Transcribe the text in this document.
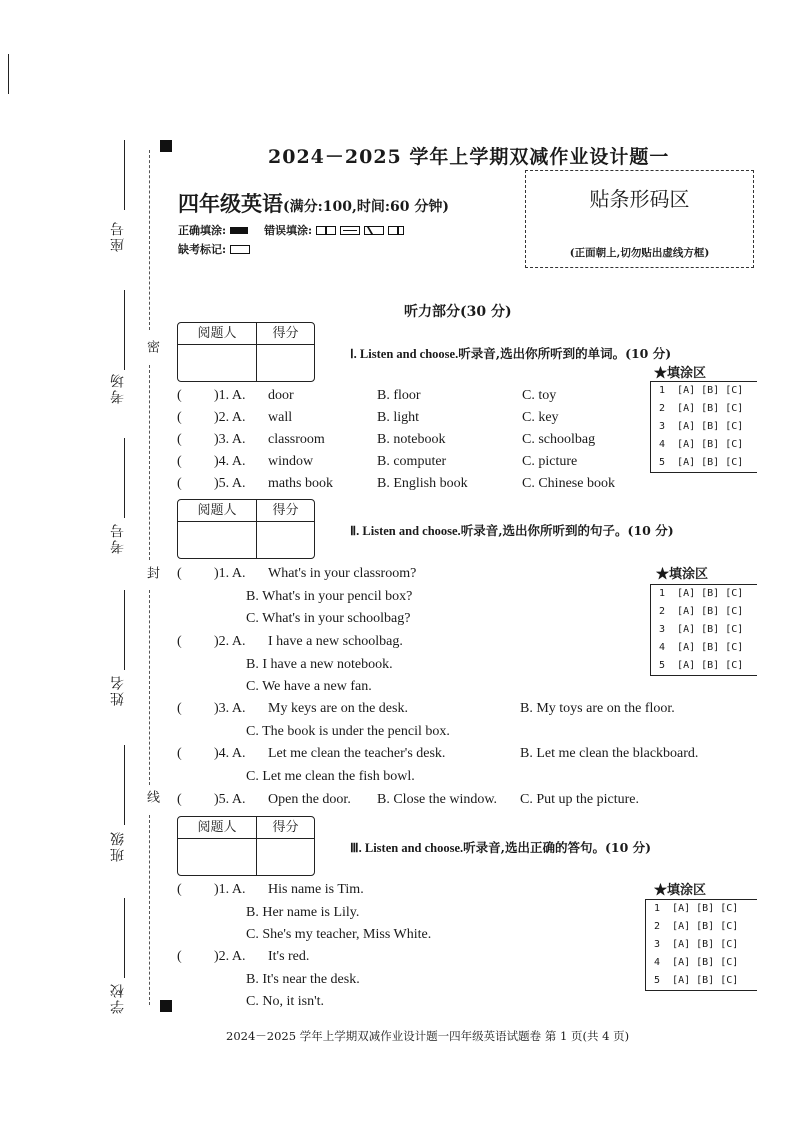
座号
考场
考号
姓名
班级
学校
密
封
线
2024－2025 学年上学期双减作业设计题一
四年级英语(满分:100,时间:60 分钟)
正确填涂:	错误填涂:
缺考标记:
贴条形码区
(正面朝上,切勿贴出虚线方框)
听力部分(30 分)
阅题人	得分
Ⅰ. Listen and choose.听录音,选出你所听到的单词。(10 分)
★填涂区
1  [A] [B] [C]
2  [A] [B] [C]
3  [A] [B] [C]
4  [A] [B] [C]
5  [A] [B] [C]
( )1. A. door	B. floor	C. toy
( )2. A. wall	B. light	C. key
( )3. A. classroom	B. notebook	C. schoolbag
( )4. A. window	B. computer	C. picture
( )5. A. maths book	B. English book	C. Chinese book
阅题人	得分
Ⅱ. Listen and choose.听录音,选出你所听到的句子。(10 分)
★填涂区
1  [A] [B] [C]
2  [A] [B] [C]
3  [A] [B] [C]
4  [A] [B] [C]
5  [A] [B] [C]
( )1. A. What's in your classroom?
B. What's in your pencil box?
C. What's in your schoolbag?
( )2. A. I have a new schoolbag.
B. I have a new notebook.
C. We have a new fan.
( )3. A. My keys are on the desk.	B. My toys are on the floor.
C. The book is under the pencil box.
( )4. A. Let me clean the teacher's desk.	B. Let me clean the blackboard.
C. Let me clean the fish bowl.
( )5. A. Open the door. B. Close the window. C. Put up the picture.
阅题人	得分
Ⅲ. Listen and choose.听录音,选出正确的答句。(10 分)
★填涂区
1  [A] [B] [C]
2  [A] [B] [C]
3  [A] [B] [C]
4  [A] [B] [C]
5  [A] [B] [C]
( )1. A. His name is Tim.
B. Her name is Lily.
C. She's my teacher, Miss White.
( )2. A. It's red.
B. It's near the desk.
C. No, it isn't.
2024－2025 学年上学期双减作业设计题一四年级英语试题卷 第 1 页(共 4 页)
